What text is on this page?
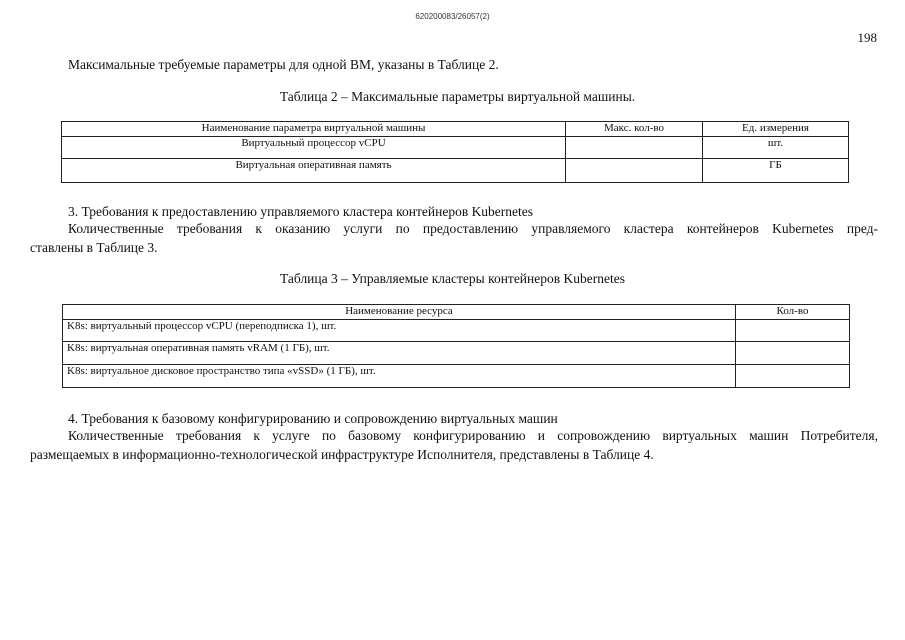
620200083/26057(2)
198
Максимальные требуемые параметры для одной ВМ, указаны в Таблице 2.
Таблица 2 – Максимальные параметры виртуальной машины.
Наименование параметра виртуальной машины	Макс. кол-во	Ед. измерения
Виртуальный процессор vCPU		шт.
Виртуальная оперативная память		ГБ
3. Требования к предоставлению управляемого кластера контейнеров Kubernetes
Количественные требования к оказанию услуги по предоставлению управляемого кластера контейнеров Kubernetes пред-
ставлены в Таблице 3.
Таблица 3 – Управляемые кластеры контейнеров Kubernetes
Наименование ресурса	Кол-во
K8s: виртуальный процессор vCPU (переподписка 1), шт.	
K8s: виртуальная оперативная память vRAM (1 ГБ), шт.	
K8s: виртуальное дисковое пространство типа «vSSD» (1 ГБ), шт.	
4. Требования к базовому конфигурированию и сопровождению виртуальных машин
Количественные требования к услуге по базовому конфигурированию и сопровождению виртуальных машин Потребителя,
размещаемых в информационно-технологической инфраструктуре Исполнителя, представлены в Таблице 4.
